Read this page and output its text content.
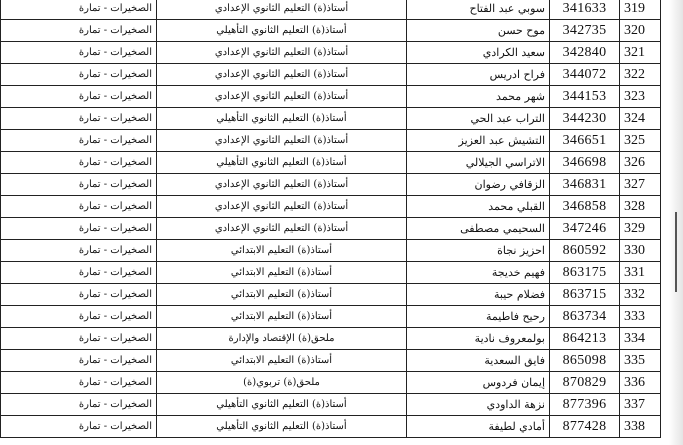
الصخيرات - تمارة	أستاذ(ة) التعليم الثانوي الإعدادي	سوبي عبد الفتاح	341633	319
الصخيرات - تمارة	أستاذ(ة) التعليم الثانوي التأهيلي	موح حسن	342735	320
الصخيرات - تمارة	أستاذ(ة) التعليم الثانوي الإعدادي	سعيد الكرادي	342840	321
الصخيرات - تمارة	أستاذ(ة) التعليم الثانوي الإعدادي	فراح ادريس	344072	322
الصخيرات - تمارة	أستاذ(ة) التعليم الثانوي الإعدادي	شهر محمد	344153	323
الصخيرات - تمارة	أستاذ(ة) التعليم الثانوي التأهيلي	التراب عبد الحي	344230	324
الصخيرات - تمارة	أستاذ(ة) التعليم الثانوي الإعدادي	التشيش عبد العزيز	346651	325
الصخيرات - تمارة	أستاذ(ة) التعليم الثانوي التأهيلي	الاتراسي الجيلالي	346698	326
الصخيرات - تمارة	أستاذ(ة) التعليم الثانوي الإعدادي	الزقافي رضوان	346831	327
الصخيرات - تمارة	أستاذ(ة) التعليم الثانوي الإعدادي	القبلي محمد	346858	328
الصخيرات - تمارة	أستاذ(ة) التعليم الثانوي الإعدادي	السحيمي مصطفى	347246	329
الصخيرات - تمارة	أستاذ(ة) التعليم الابتدائي	احزيز نجاة	860592	330
الصخيرات - تمارة	أستاذ(ة) التعليم الابتدائي	فهيم خديجة	863175	331
الصخيرات - تمارة	أستاذ(ة) التعليم الابتدائي	فضلام حيبة	863715	332
الصخيرات - تمارة	أستاذ(ة) التعليم الابتدائي	رحيح فاطيمة	863734	333
الصخيرات - تمارة	ملحق(ة) الإقتصاد والإدارة	بولمعروف نادية	864213	334
الصخيرات - تمارة	أستاذ(ة) التعليم الابتدائي	فايق السعدية	865098	335
الصخيرات - تمارة	ملحق(ة) تربوي(ة)	إيمان فردوس	870829	336
الصخيرات - تمارة	أستاذ(ة) التعليم الثانوي التأهيلي	نزهة الداودي	877396	337
الصخيرات - تمارة	أستاذ(ة) التعليم الثانوي التأهيلي	أمادي لطيفة	877428	338
